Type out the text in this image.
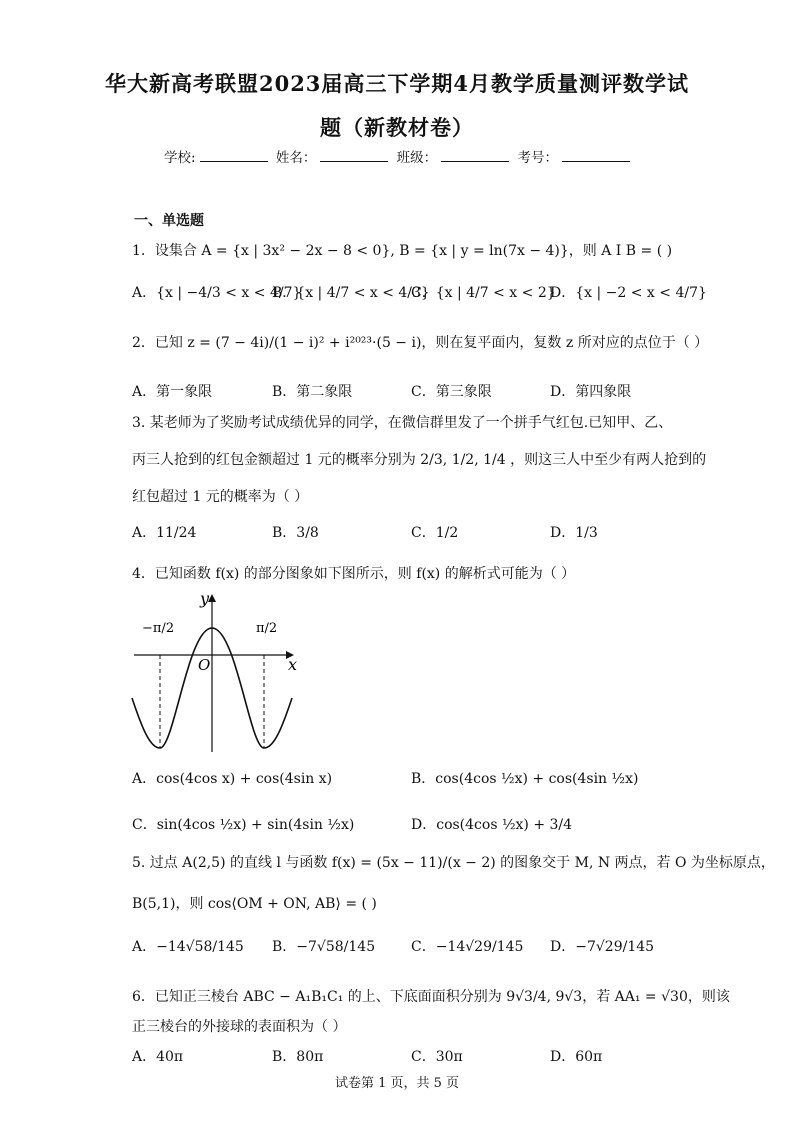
华大新高考联盟2023届高三下学期4月教学质量测评数学试
题（新教材卷）
学校:	姓名：	班级：	考号：
一、单选题
1．设集合 A = {x | 3x² − 2x − 8 < 0}, B = {x | y = ln(7x − 4)}，则 A I B = ( )
A．{x | −4/3 < x < 4/7}
B．{x | 4/7 < x < 4/3}
C．{x | 4/7 < x < 2}
D．{x | −2 < x < 4/7}
2．已知 z = (7 − 4i)/(1 − i)² + i²⁰²³·(5 − i)，则在复平面内，复数 z 所对应的点位于（ ）
A．第一象限	B．第二象限	C．第三象限	D．第四象限
3. 某老师为了奖励考试成绩优异的同学，在微信群里发了一个拼手气红包.已知甲、乙、
丙三人抢到的红包金额超过 1 元的概率分别为 2/3, 1/2, 1/4 ，则这三人中至少有两人抢到的
红包超过 1 元的概率为（ ）
A．11/24	B．3/8	C．1/2	D．1/3
4．已知函数 f(x) 的部分图象如下图所示，则 f(x) 的解析式可能为（ ）
y
x
O
−π/2	π/2
A．cos(4cos x) + cos(4sin x)	B．cos(4cos ½x) + cos(4sin ½x)
C．sin(4cos ½x) + sin(4sin ½x)	D．cos(4cos ½x) + 3/4
5. 过点 A(2,5) 的直线 l 与函数 f(x) = (5x − 11)/(x − 2) 的图象交于 M, N 两点，若 O 为坐标原点，
B(5,1)，则 cos⟨OM + ON, AB⟩ = ( )
A．−14√58/145 B．−7√58/145	C．−14√29/145 D．−7√29/145
6．已知正三棱台 ABC − A₁B₁C₁ 的上、下底面面积分别为 9√3/4, 9√3，若 AA₁ = √30，则该
正三棱台的外接球的表面积为（ ）
A．40π	B．80π	C．30π	D．60π
试卷第 1 页，共 5 页
